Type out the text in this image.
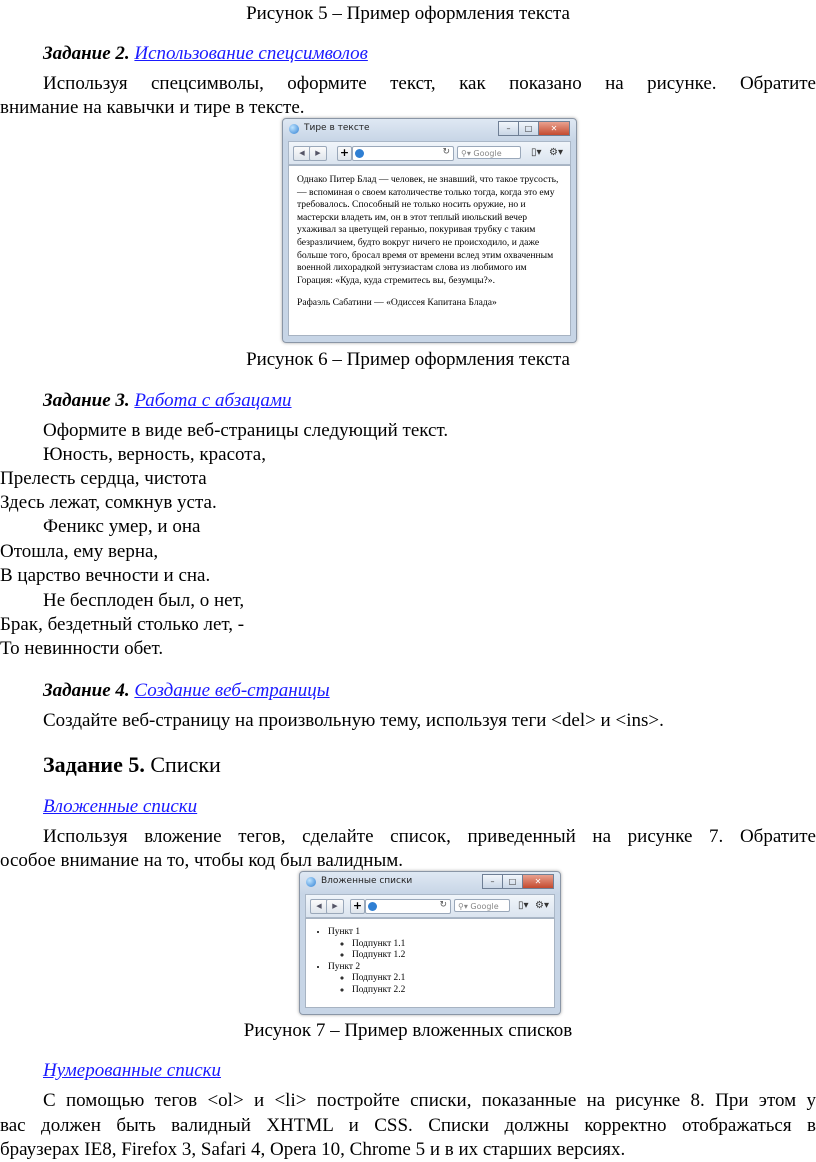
Рисунок 5 – Пример оформления текста
Задание 2. Использование спецсимволов
Используя спецсимволы, оформите текст, как показано на рисунке. Обратите
внимание на кавычки и тире в тексте.
Тире в тексте	–	□	✕
◀	▶	+	↻	⚲▾ Google	▯▾ ⚙▾

Однако Питер Блад — человек, не знавший, что такое трусость, — вспоминая о своем католичестве только тогда, когда это ему требовалось. Способный не только носить оружие, но и мастерски владеть им, он в этот теплый июльский вечер ухаживал за цветущей геранью, покуривая трубку с таким безразличием, будто вокруг ничего не происходило, и даже больше того, бросал время от времени вслед этим охваченным военной лихорадкой энтузиастам слова из любимого им Горация: «Куда, куда стремитесь вы, безумцы?».

Рафаэль Сабатини — «Одиссея Капитана Блада»

Рисунок 6 – Пример оформления текста
Задание 3. Работа с абзацами
Оформите в виде веб-страницы следующий текст.
Юность, верность, красота,
Прелесть сердца, чистота
Здесь лежат, сомкнув уста.
Феникс умер, и она
Отошла, ему верна,
В царство вечности и сна.
Не бесплоден был, о нет,
Брак, бездетный столько лет, -
То невинности обет.
Задание 4. Создание веб-страницы
Создайте веб-страницу на произвольную тему, используя теги <del> и <ins>.
Задание 5. Списки
Вложенные списки
Используя вложение тегов, сделайте список, приведенный на рисунке 7. Обратите
особое внимание на то, чтобы код был валидным.
Вложенные списки	–	□	✕
◀	▶	+	↻	⚲▾ Google	▯▾ ⚙▾
• Пункт 1
◦ Подпункт 1.1
◦ Подпункт 1.2
• Пункт 2
◦ Подпункт 2.1
◦ Подпункт 2.2
Рисунок 7 – Пример вложенных списков
Нумерованные списки
С помощью тегов <ol> и <li> постройте списки, показанные на рисунке 8. При этом у
вас должен быть валидный XHTML и CSS. Списки должны корректно отображаться в
браузерах IE8, Firefox 3, Safari 4, Opera 10, Chrome 5 и в их старших версиях.
